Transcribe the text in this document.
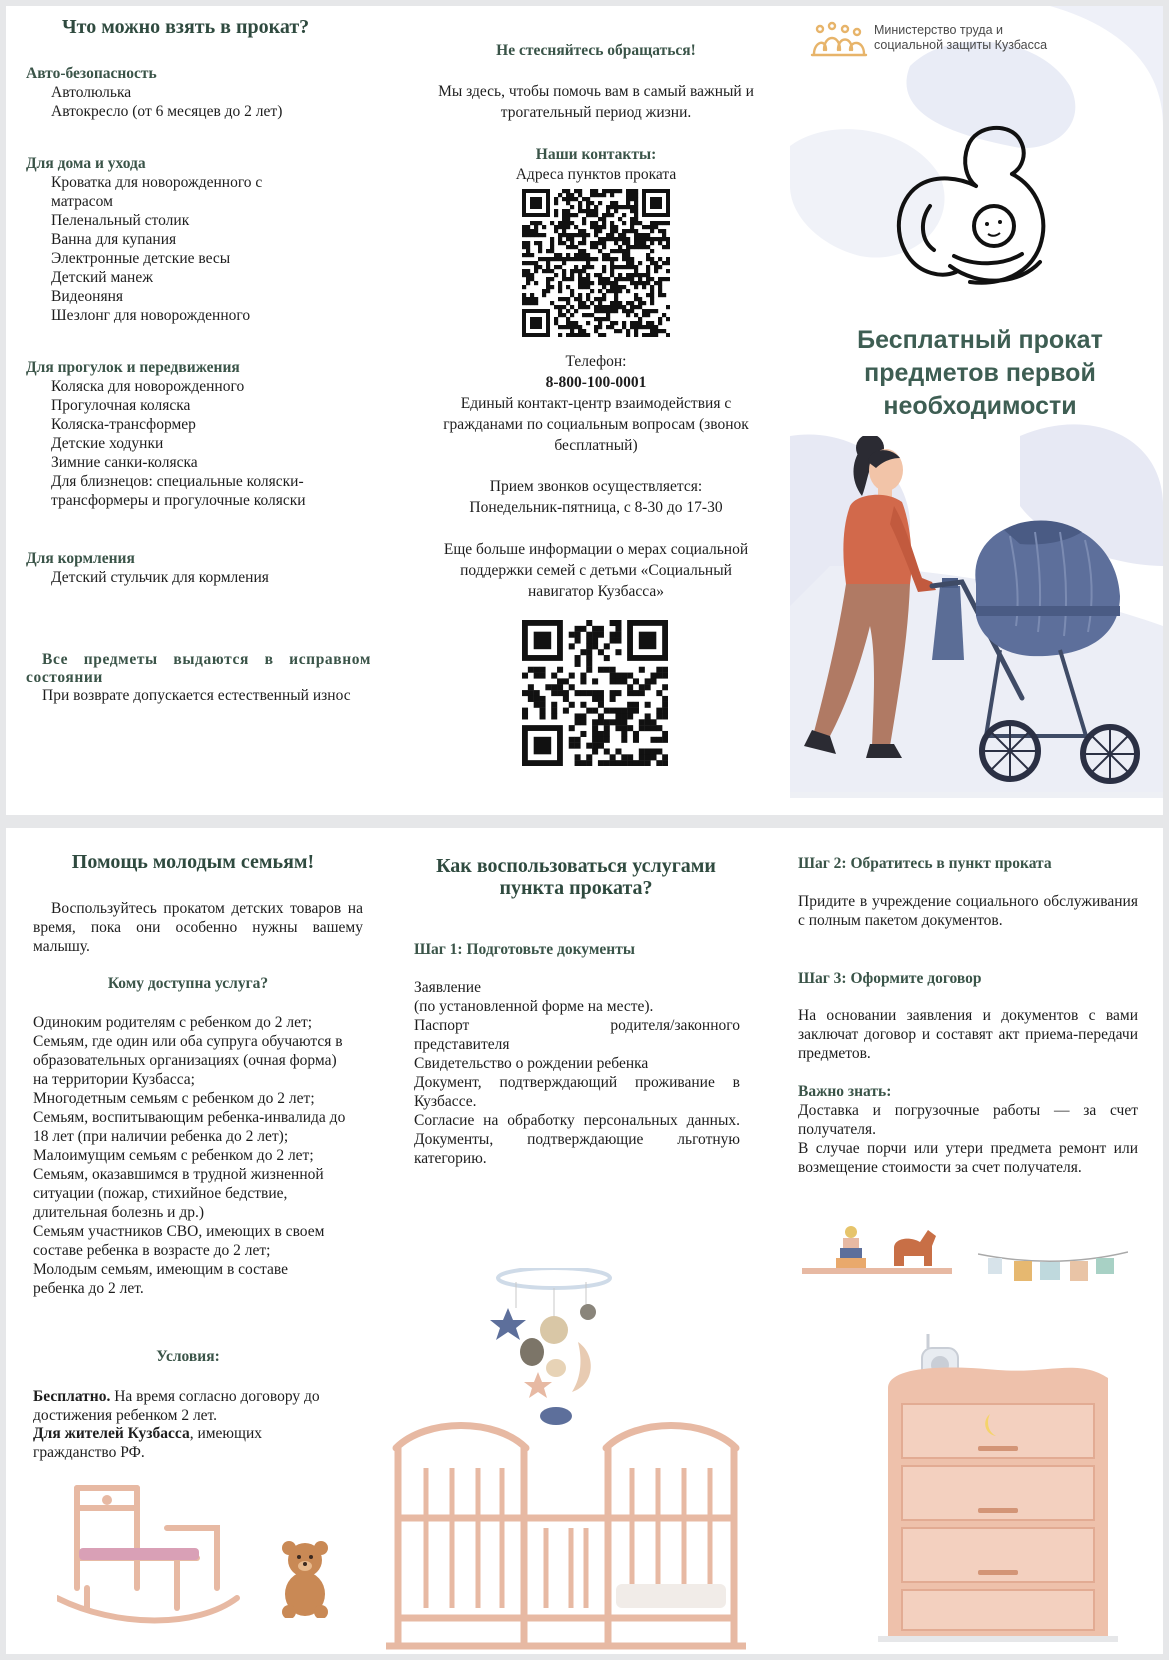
Что можно взять в прокат?
Авто-безопасность
Автолюлька
Автокресло (от 6 месяцев до 2 лет)
Для дома и ухода
Кроватка для новорожденного с матрасом
Пеленальный столик
Ванна для купания
Электронные детские весы
Детский манеж
Видеоняня
Шезлонг для новорожденного
Для прогулок и передвижения
Коляска для новорожденного
Прогулочная коляска
Коляска-трансформер
Детские ходунки
Зимние санки-коляска
Для близнецов: специальные коляски-трансформеры и прогулочные коляски
Для кормления
Детский стульчик для кормления
Все предметы выдаются в исправном состоянии
При возврате допускается естественный износ
Не стесняйтесь обращаться!
Мы здесь, чтобы помочь вам в самый важный и трогательный период жизни.
Наши контакты:
Адреса пунктов проката
Телефон:
8-800-100-0001
Единый контакт-центр взаимодействия с гражданами по социальным вопросам (звонок бесплатный)
Прием звонков осуществляется:
Понедельник-пятница, с 8-30 до 17-30
Еще больше информации о мерах социальной поддержки семей с детьми «Социальный навигатор Кузбасса»
Министерство труда и
социальной защиты Кузбасса
Бесплатный прокат предметов первой необходимости
Помощь молодым семьям!
Воспользуйтесь прокатом детских товаров на время, пока они особенно нужны вашему малышу.
Кому доступна услуга?
Одиноким родителям с ребенком до 2 лет;
Семьям, где один или оба супруга обучаются в образовательных организациях (очная форма) на территории Кузбасса;
Многодетным семьям с ребенком до 2 лет;
Семьям, воспитывающим ребенка-инвалида до 18 лет (при наличии ребенка до 2 лет);
Малоимущим семьям с ребенком до 2 лет;
Семьям, оказавшимся в трудной жизненной ситуации (пожар, стихийное бедствие, длительная болезнь и др.)
Семьям участников СВО, имеющих в своем составе ребенка в возрасте до 2 лет;
Молодым семьям, имеющим в составе ребенка до 2 лет.
Условия:
Бесплатно. На время согласно договору до достижения ребенком 2 лет.
Для жителей Кузбасса, имеющих гражданство РФ.
Как воспользоваться услугами пункта проката?
Шаг 1: Подготовьте документы
Заявление
(по установленной форме на месте).
Паспорт родителя/законного представителя
Свидетельство о рождении ребенка
Документ, подтверждающий проживание в Кузбассе.
Согласие на обработку персональных данных. Документы, подтверждающие льготную категорию.
Шаг 2: Обратитесь в пункт проката
Придите в учреждение социального обслуживания с полным пакетом документов.
Шаг 3: Оформите договор
На основании заявления и документов с вами заключат договор и составят акт приема-передачи предметов.
Важно знать:
Доставка и погрузочные работы — за счет получателя.
В случае порчи или утери предмета ремонт или возмещение стоимости за счет получателя.
